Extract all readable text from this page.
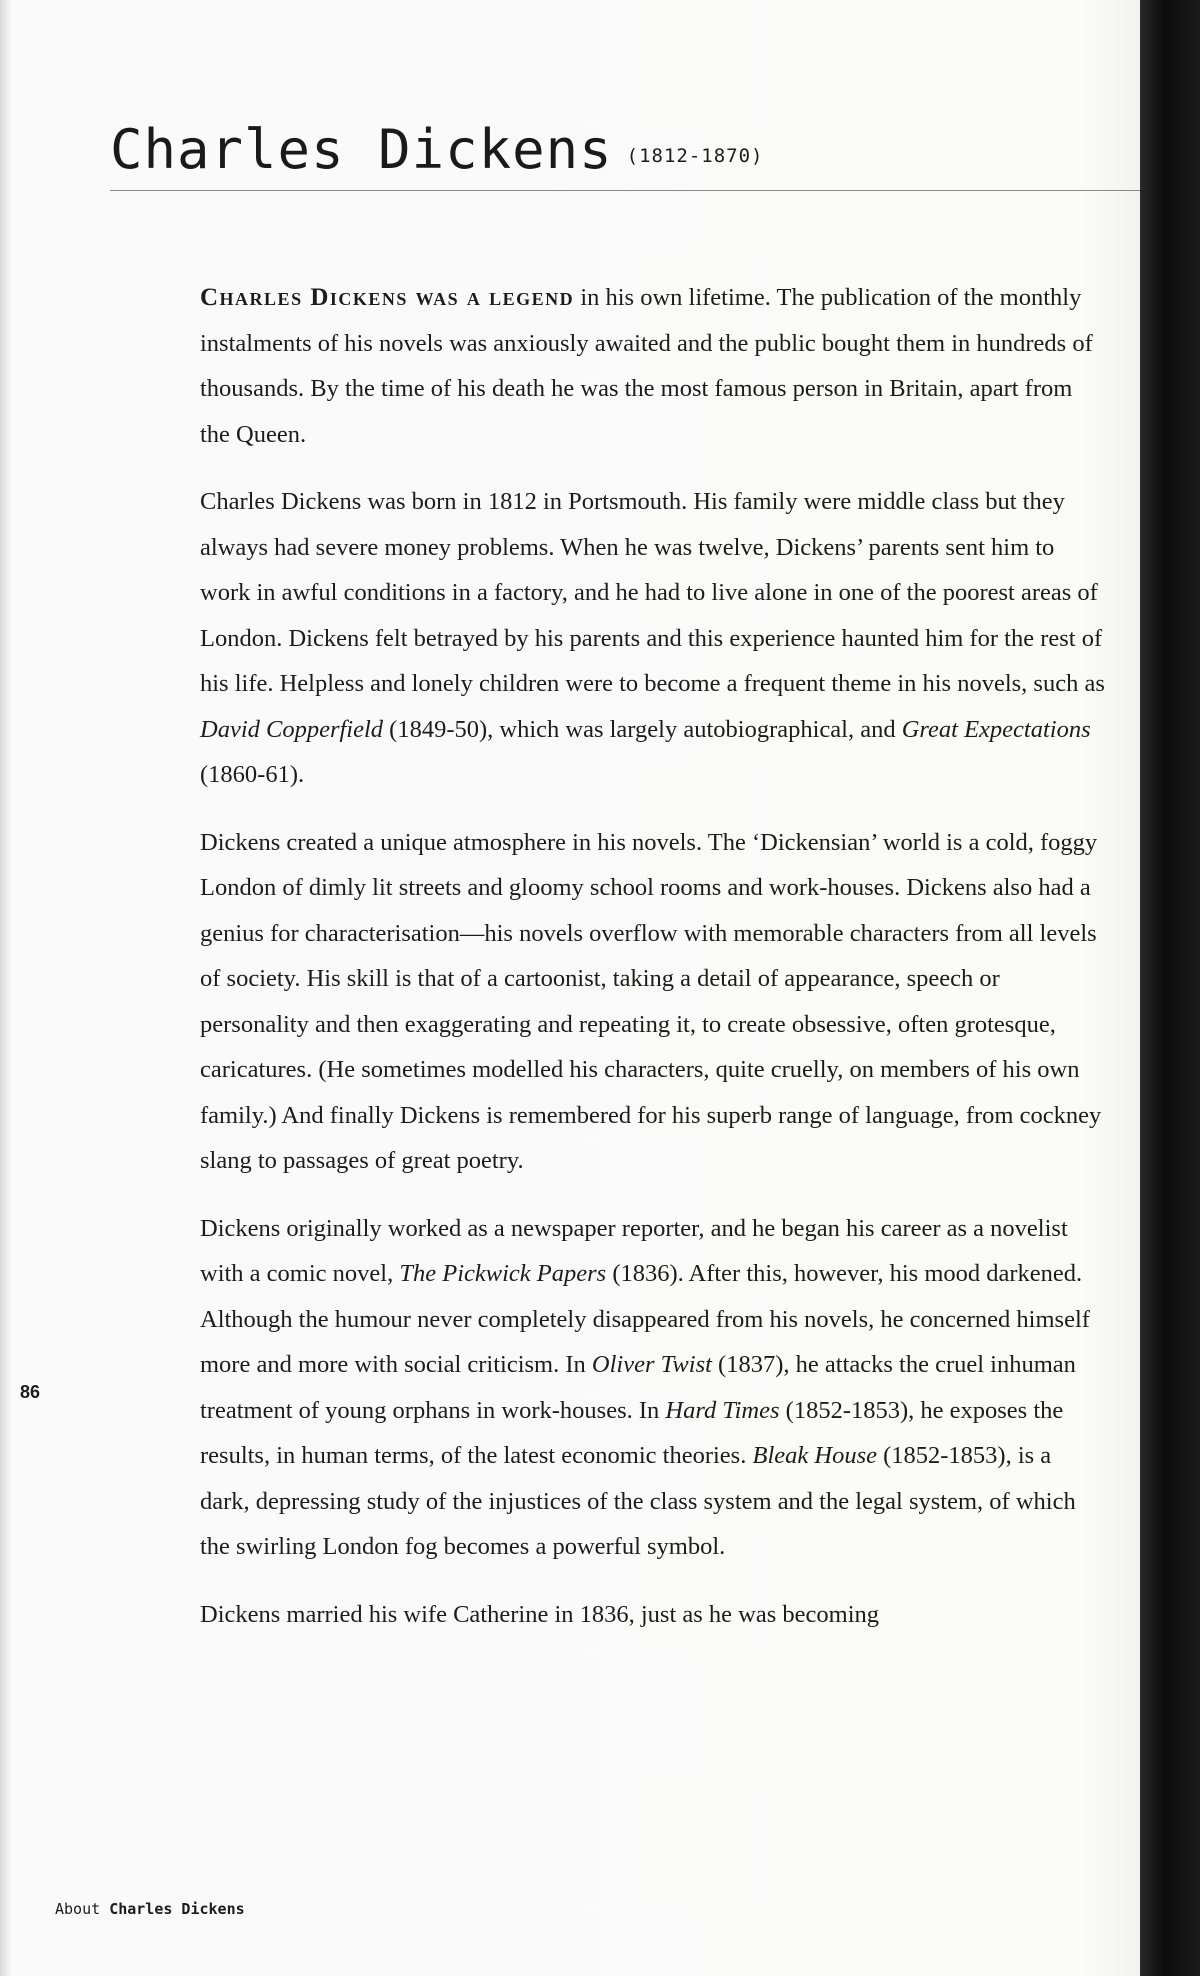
Charles Dickens (1812-1870)

Charles Dickens was a legend in his own lifetime. The publication of the monthly instalments of his novels was anxiously awaited and the public bought them in hundreds of thousands. By the time of his death he was the most famous person in Britain, apart from the Queen.

Charles Dickens was born in 1812 in Portsmouth. His family were middle class but they always had severe money problems. When he was twelve, Dickens’ parents sent him to work in awful conditions in a factory, and he had to live alone in one of the poorest areas of London. Dickens felt betrayed by his parents and this experience haunted him for the rest of his life. Helpless and lonely children were to become a frequent theme in his novels, such as David Copperfield (1849-50), which was largely autobiographical, and Great Expectations (1860-61).

Dickens created a unique atmosphere in his novels. The ‘Dickensian’ world is a cold, foggy London of dimly lit streets and gloomy school rooms and work-houses. Dickens also had a genius for characterisation—his novels overflow with memorable characters from all levels of society. His skill is that of a cartoonist, taking a detail of appearance, speech or personality and then exaggerating and repeating it, to create obsessive, often grotesque, caricatures. (He sometimes modelled his characters, quite cruelly, on members of his own family.) And finally Dickens is remembered for his superb range of language, from cockney slang to passages of great poetry.

Dickens originally worked as a newspaper reporter, and he began his career as a novelist with a comic novel, The Pickwick Papers (1836). After this, however, his mood darkened. Although the humour never completely disappeared from his novels, he concerned himself more and more with social criticism. In Oliver Twist (1837), he attacks the cruel inhuman treatment of young orphans in work-houses. In Hard Times (1852-1853), he exposes the results, in human terms, of the latest economic theories. Bleak House (1852-1853), is a dark, depressing study of the injustices of the class system and the legal system, of which the swirling London fog becomes a powerful symbol.

Dickens married his wife Catherine in 1836, just as he was becoming

86
About Charles Dickens
